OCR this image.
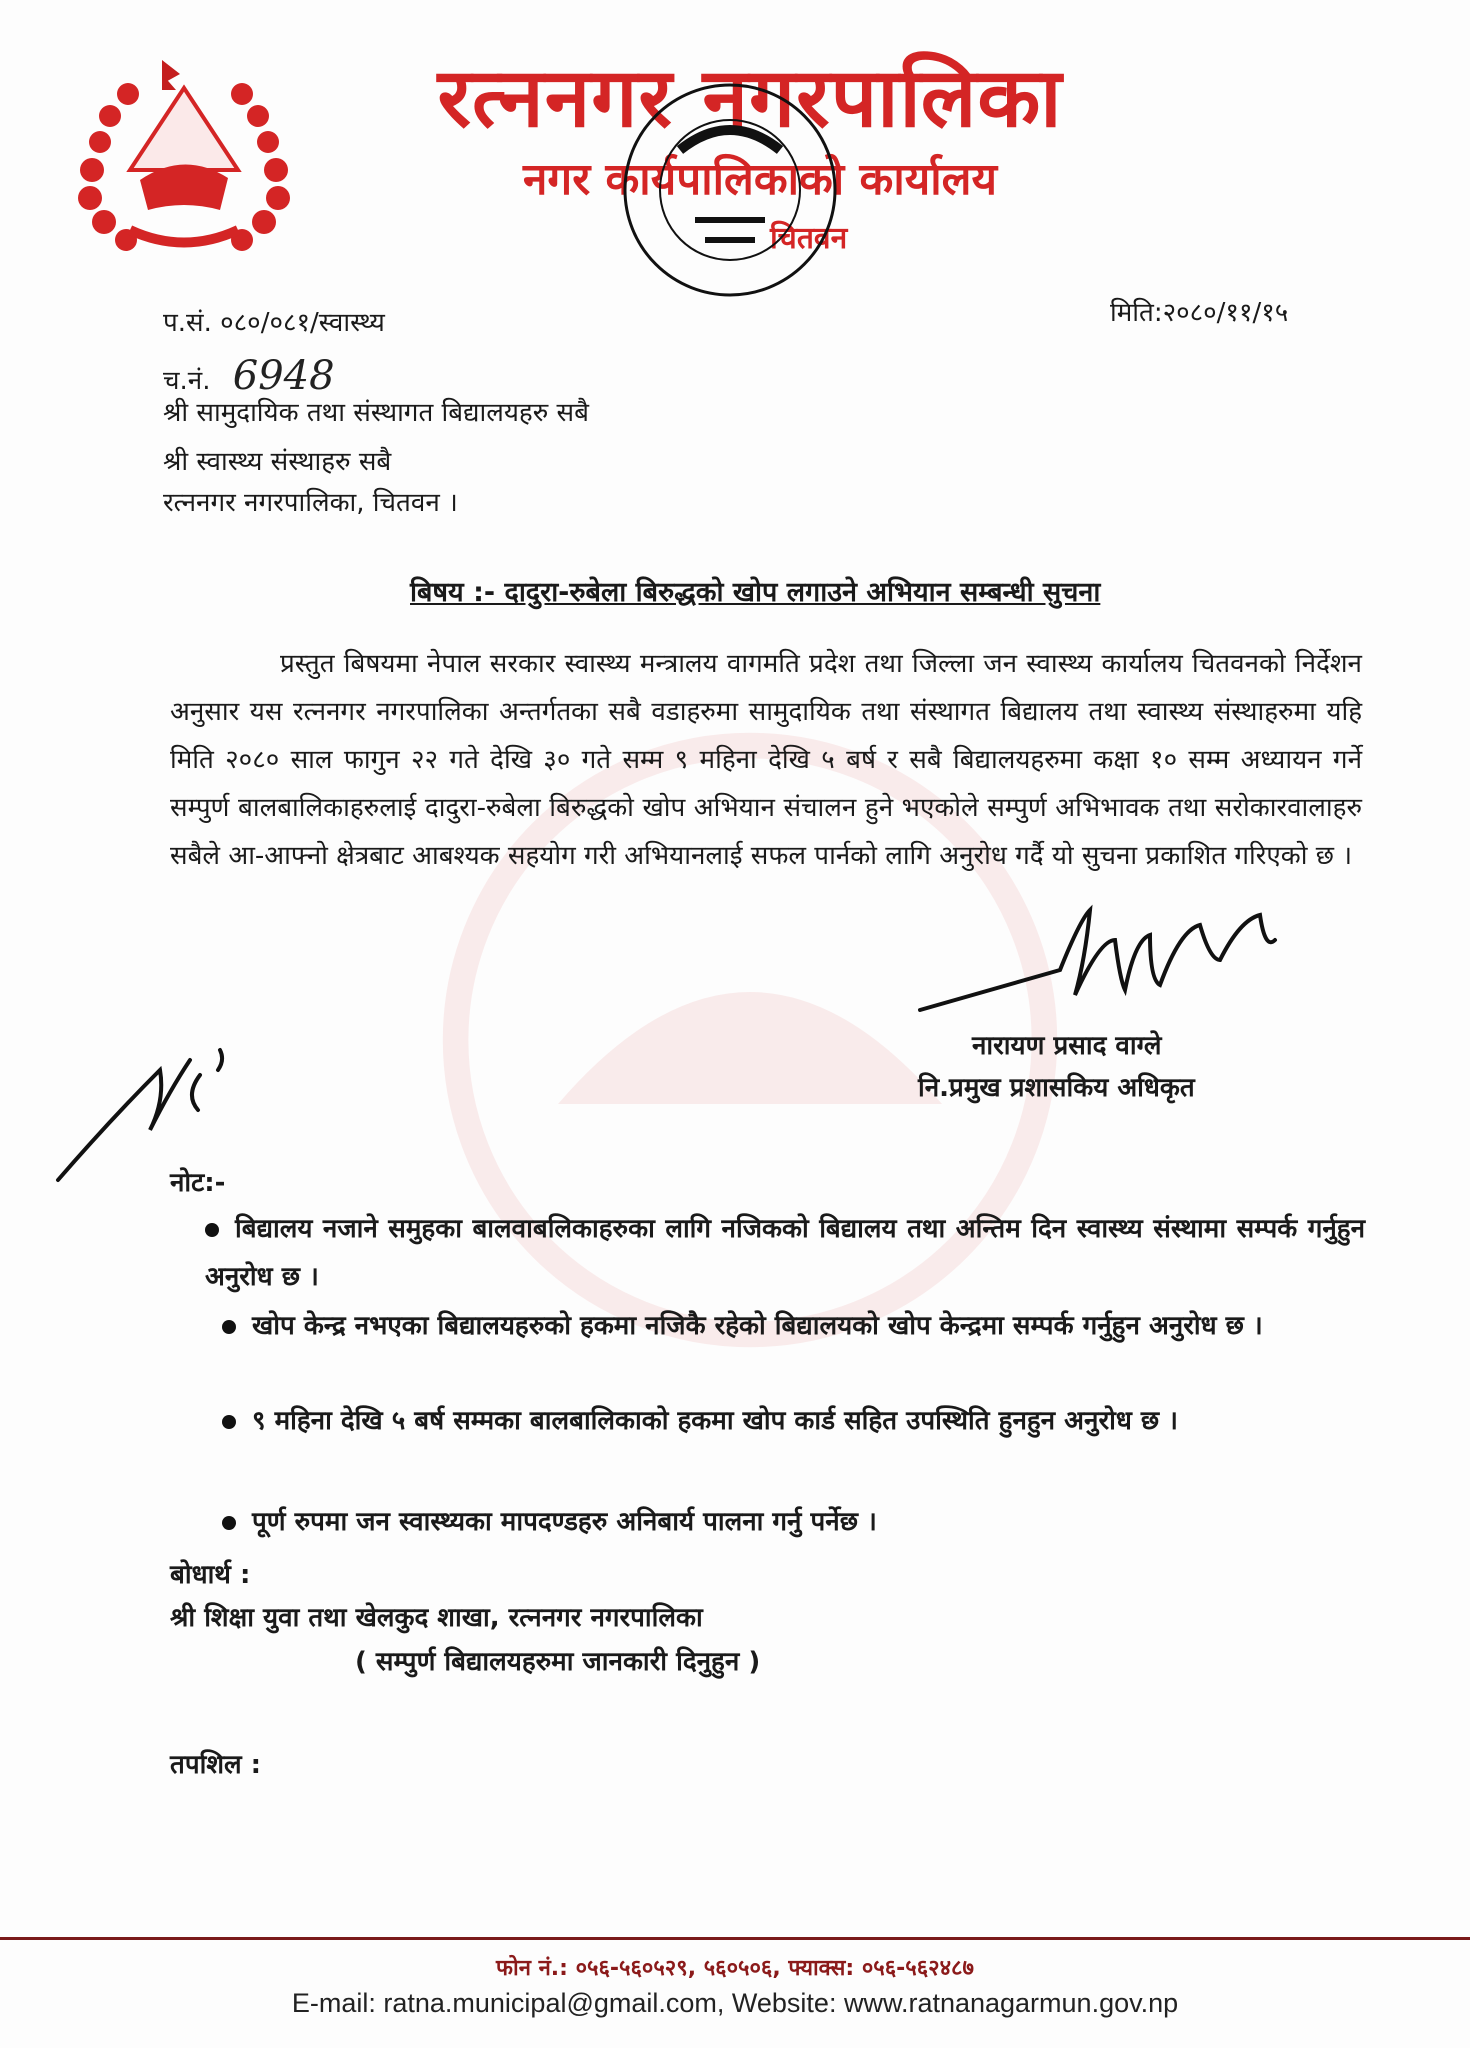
रत्ननगर नगरपालिका
नगर कार्यपालिकाको कार्यालय
चितवन
प.सं. ०८०/०८१/स्वास्थ्य	मिति:२०८०/११/१५
च.नं. 6948
श्री सामुदायिक तथा संस्थागत बिद्यालयहरु सबै
श्री स्वास्थ्य संस्थाहरु सबै
रत्ननगर नगरपालिका, चितवन ।
बिषय :- दादुरा-रुबेला बिरुद्धको खोप लगाउने अभियान सम्बन्धी सुचना
प्रस्तुत बिषयमा नेपाल सरकार स्वास्थ्य मन्त्रालय वागमति प्रदेश तथा जिल्ला जन स्वास्थ्य कार्यालय चितवनको निर्देशन अनुसार यस रत्ननगर नगरपालिका अन्तर्गतका सबै वडाहरुमा सामुदायिक तथा संस्थागत बिद्यालय तथा स्वास्थ्य संस्थाहरुमा यहि मिति २०८० साल फागुन २२ गते देखि ३० गते सम्म ९ महिना देखि ५ बर्ष र सबै बिद्यालयहरुमा कक्षा १० सम्म अध्यायन गर्ने सम्पुर्ण बालबालिकाहरुलाई दादुरा-रुबेला बिरुद्धको खोप अभियान संचालन हुने भएकोले सम्पुर्ण अभिभावक तथा सरोकारवालाहरु सबैले आ-आफ्नो क्षेत्रबाट आबश्यक सहयोग गरी अभियानलाई सफल पार्नको लागि अनुरोध गर्दै यो सुचना प्रकाशित गरिएको छ ।
नारायण प्रसाद वाग्ले
नि.प्रमुख प्रशासकिय अधिकृत
नोट:-
बिद्यालय नजाने समुहका बालवाबलिकाहरुका लागि नजिकको बिद्यालय तथा अन्तिम दिन स्वास्थ्य संस्थामा सम्पर्क गर्नुहुन अनुरोध छ ।
खोप केन्द्र नभएका बिद्यालयहरुको हकमा नजिकै रहेको बिद्यालयको खोप केन्द्रमा सम्पर्क गर्नुहुन अनुरोध छ ।
९ महिना देखि ५ बर्ष सम्मका बालबालिकाको हकमा खोप कार्ड सहित उपस्थिति हुनहुन अनुरोध छ ।
पूर्ण रुपमा जन स्वास्थ्यका मापदण्डहरु अनिबार्य पालना गर्नु पर्नेछ ।
बोधार्थ :
श्री शिक्षा युवा तथा खेलकुद शाखा, रत्ननगर नगरपालिका
( सम्पुर्ण बिद्यालयहरुमा जानकारी दिनुहुन )
तपशिल :
फोन नं.: ०५६-५६०५२९, ५६०५०६, फ्याक्स: ०५६-५६२४८७
E-mail: ratna.municipal@gmail.com, Website: www.ratnanagarmun.gov.np
